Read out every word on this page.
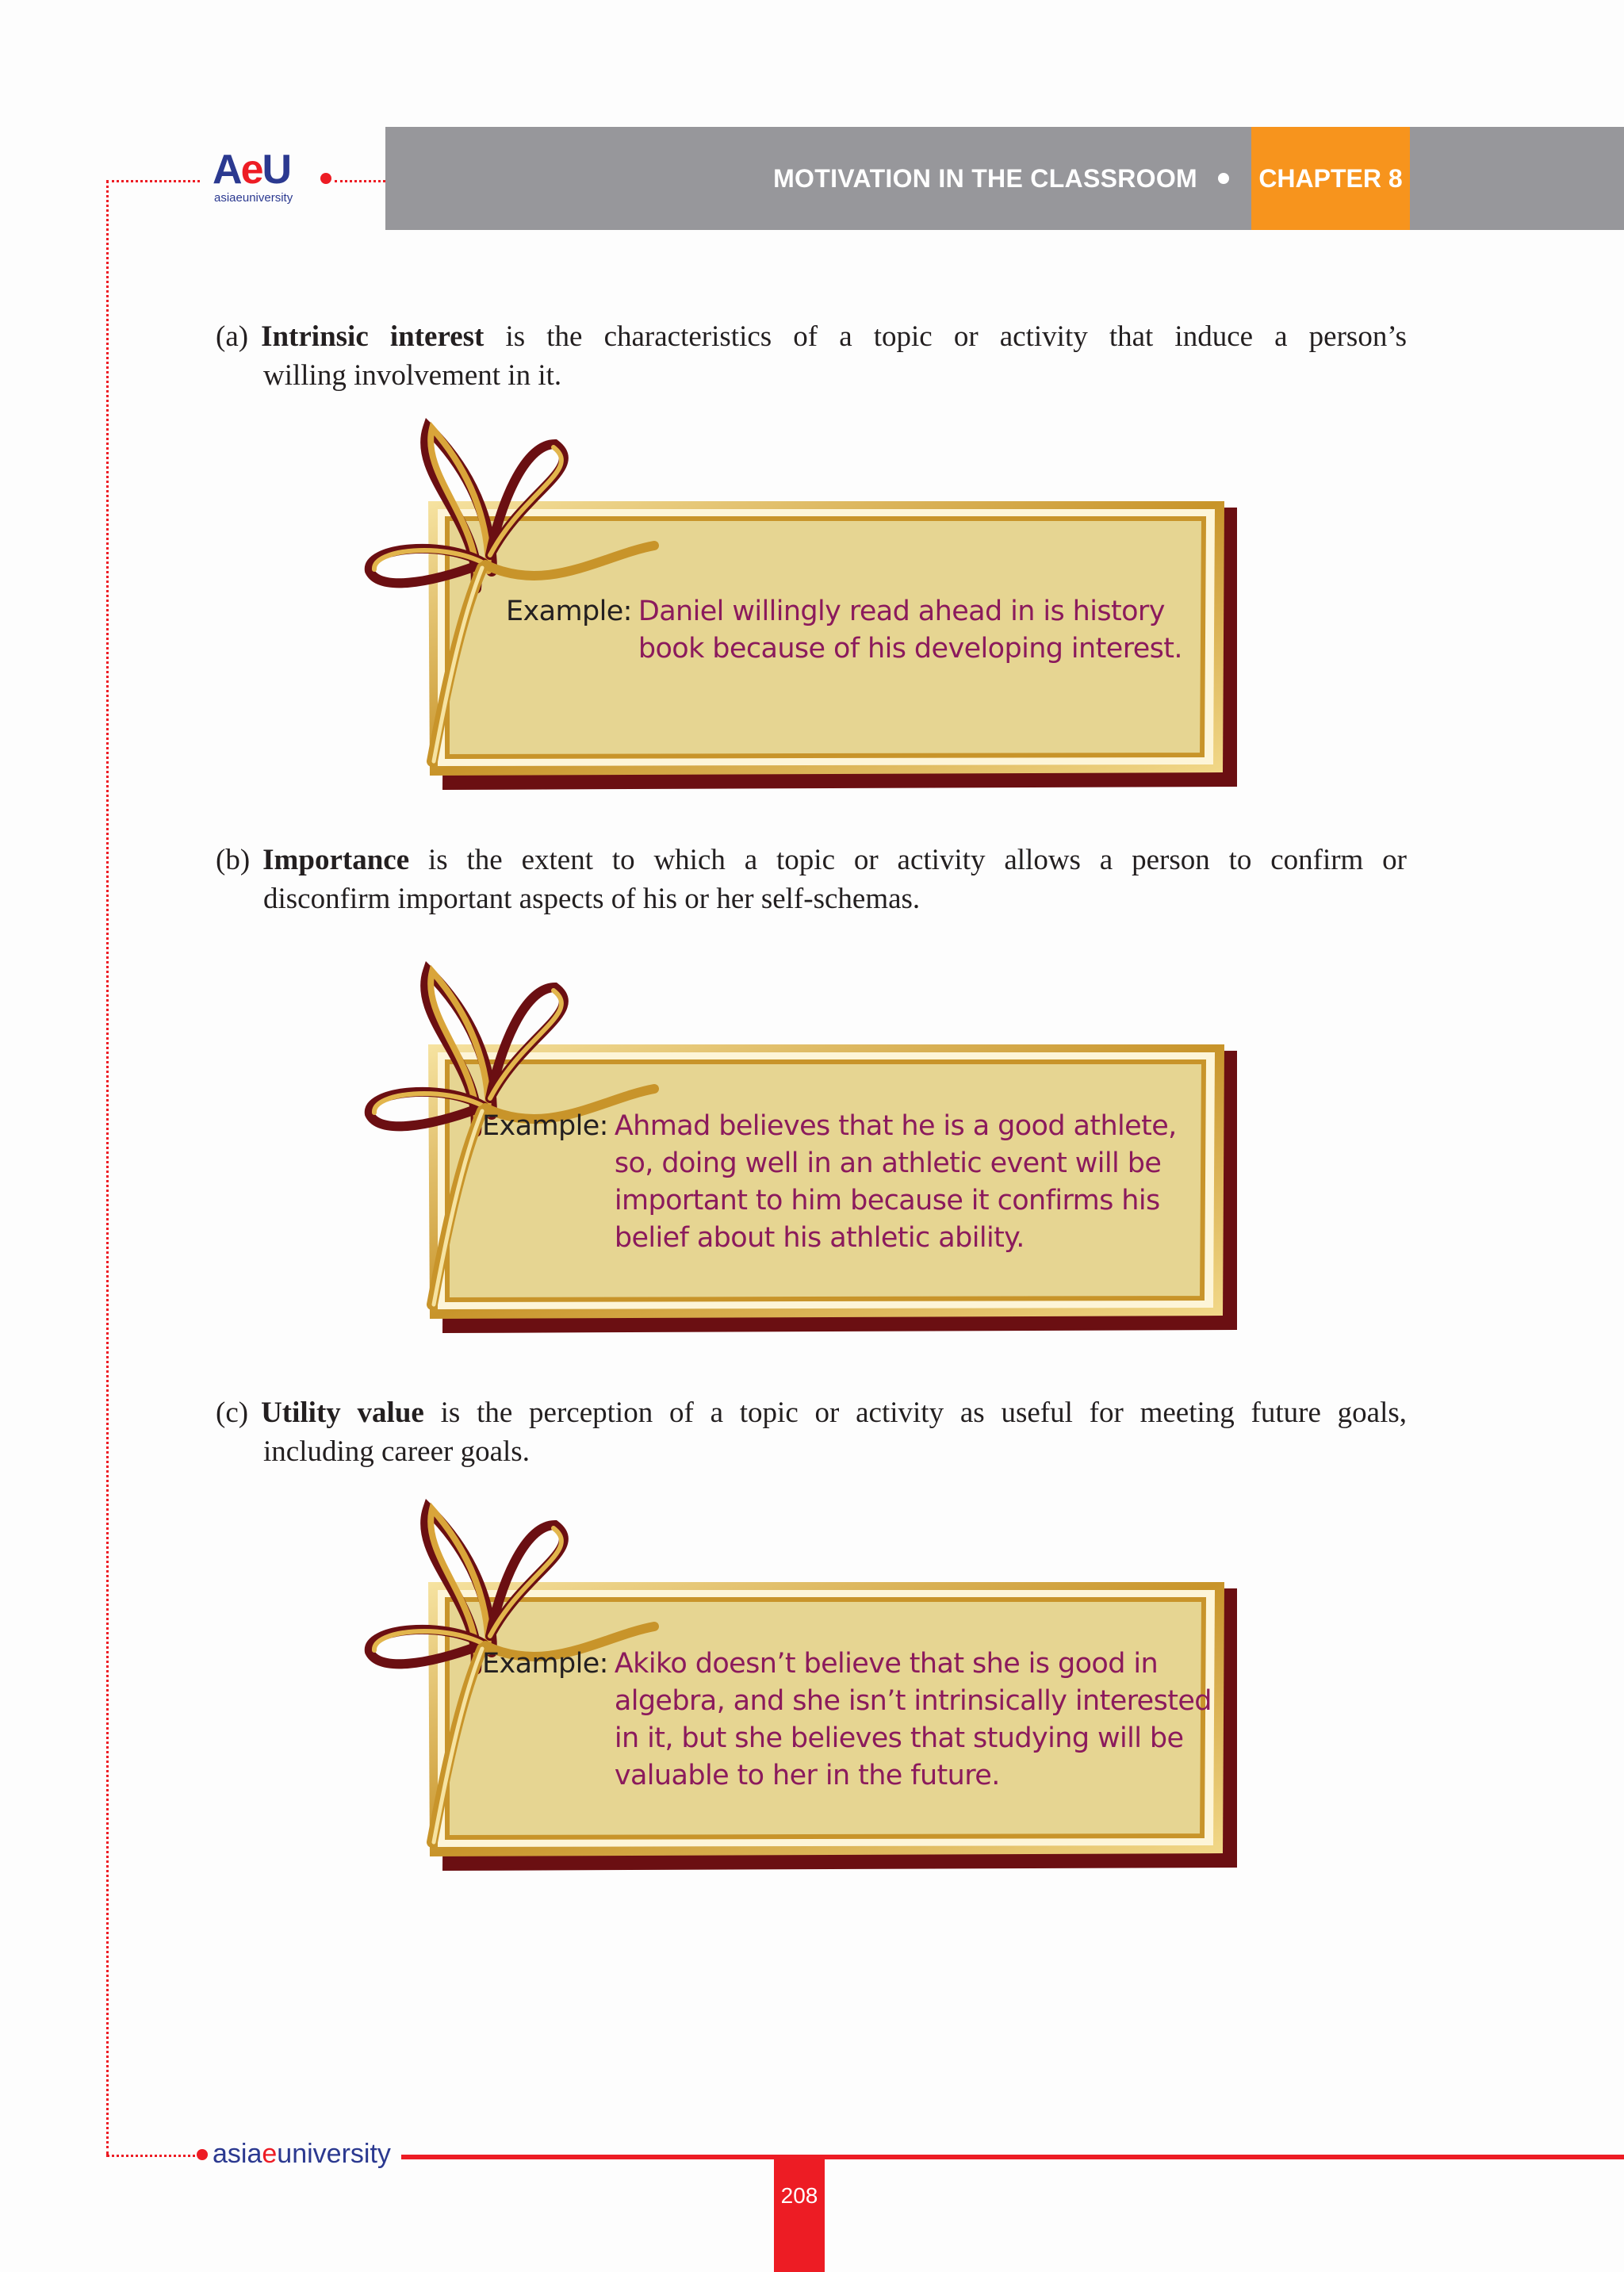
AeU
asiaeuniversity
MOTIVATION IN THE CLASSROOM CHAPTER 8
(a) Intrinsic interest is the characteristics of a topic or activity that induce a person’s
willing involvement in it.
Example: Daniel willingly read ahead in is history
book because of his developing interest.
(b) Importance is the extent to which a topic or activity allows a person to confirm or
disconfirm important aspects of his or her self-schemas.
Example: Ahmad believes that he is a good athlete,
so, doing well in an athletic event will be
important to him because it confirms his
belief about his athletic ability.
(c) Utility value is the perception of a topic or activity as useful for meeting future goals,
including career goals.
Example: Akiko doesn’t believe that she is good in
algebra, and she isn’t intrinsically interested
in it, but she believes that studying will be
valuable to her in the future.
asiaeuniversity
208
